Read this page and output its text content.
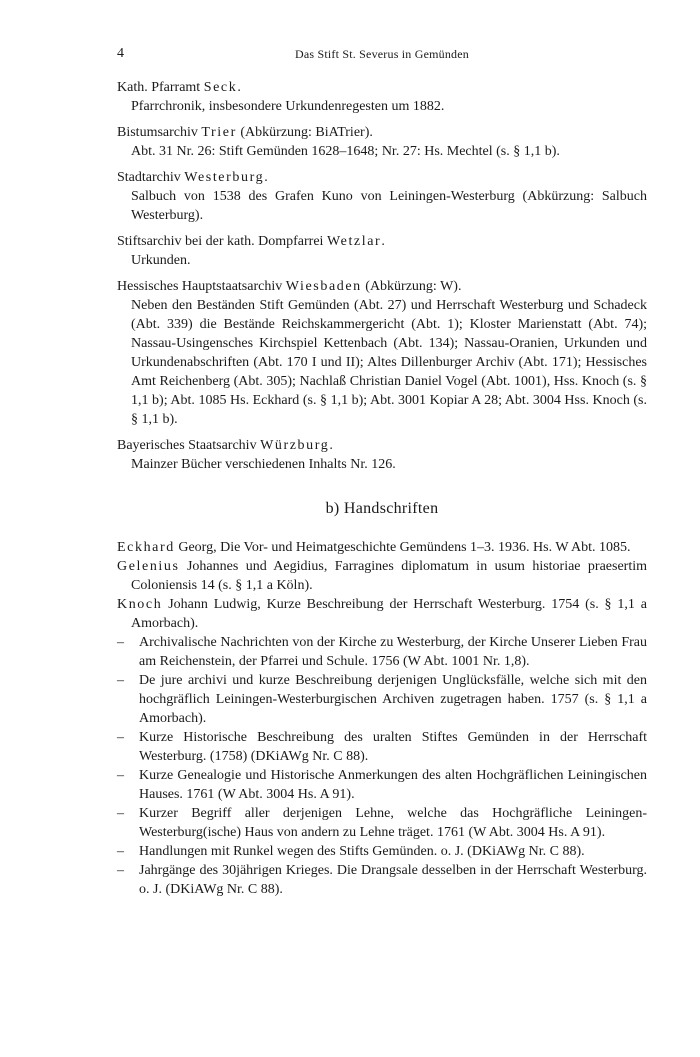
4	Das Stift St. Severus in Gemünden
Kath. Pfarramt Seck.
Pfarrchronik, insbesondere Urkundenregesten um 1882.
Bistumsarchiv Trier (Abkürzung: BiATrier).
Abt. 31 Nr. 26: Stift Gemünden 1628–1648; Nr. 27: Hs. Mechtel (s. § 1,1 b).
Stadtarchiv Westerburg.
Salbuch von 1538 des Grafen Kuno von Leiningen-Westerburg (Abkürzung: Salbuch Westerburg).
Stiftsarchiv bei der kath. Dompfarrei Wetzlar.
Urkunden.
Hessisches Hauptstaatsarchiv Wiesbaden (Abkürzung: W).
Neben den Beständen Stift Gemünden (Abt. 27) und Herrschaft Westerburg und Schadeck (Abt. 339) die Bestände Reichskammergericht (Abt. 1); Kloster Marienstatt (Abt. 74); Nassau-Usingensches Kirchspiel Kettenbach (Abt. 134); Nassau-Oranien, Urkunden und Urkundenabschriften (Abt. 170 I und II); Altes Dillenburger Archiv (Abt. 171); Hessisches Amt Reichenberg (Abt. 305); Nachlaß Christian Daniel Vogel (Abt. 1001), Hss. Knoch (s. § 1,1 b); Abt. 1085 Hs. Eckhard (s. § 1,1 b); Abt. 3001 Kopiar A 28; Abt. 3004 Hss. Knoch (s. § 1,1 b).
Bayerisches Staatsarchiv Würzburg.
Mainzer Bücher verschiedenen Inhalts Nr. 126.
b) Handschriften
Eckhard Georg, Die Vor- und Heimatgeschichte Gemündens 1–3. 1936. Hs. W Abt. 1085.
Gelenius Johannes und Aegidius, Farragines diplomatum in usum historiae praesertim Coloniensis 14 (s. § 1,1 a Köln).
Knoch Johann Ludwig, Kurze Beschreibung der Herrschaft Westerburg. 1754 (s. § 1,1 a Amorbach).
– Archivalische Nachrichten von der Kirche zu Westerburg, der Kirche Unserer Lieben Frau am Reichenstein, der Pfarrei und Schule. 1756 (W Abt. 1001 Nr. 1,8).
– De jure archivi und kurze Beschreibung derjenigen Unglücksfälle, welche sich mit den hochgräflich Leiningen-Westerburgischen Archiven zugetragen haben. 1757 (s. § 1,1 a Amorbach).
– Kurze Historische Beschreibung des uralten Stiftes Gemünden in der Herrschaft Westerburg. (1758) (DKiAWg Nr. C 88).
– Kurze Genealogie und Historische Anmerkungen des alten Hochgräflichen Leiningischen Hauses. 1761 (W Abt. 3004 Hs. A 91).
– Kurzer Begriff aller derjenigen Lehne, welche das Hochgräfliche Leiningen-Westerburg(ische) Haus von andern zu Lehne träget. 1761 (W Abt. 3004 Hs. A 91).
– Handlungen mit Runkel wegen des Stifts Gemünden. o. J. (DKiAWg Nr. C 88).
– Jahrgänge des 30jährigen Krieges. Die Drangsale desselben in der Herrschaft Westerburg. o. J. (DKiAWg Nr. C 88).
